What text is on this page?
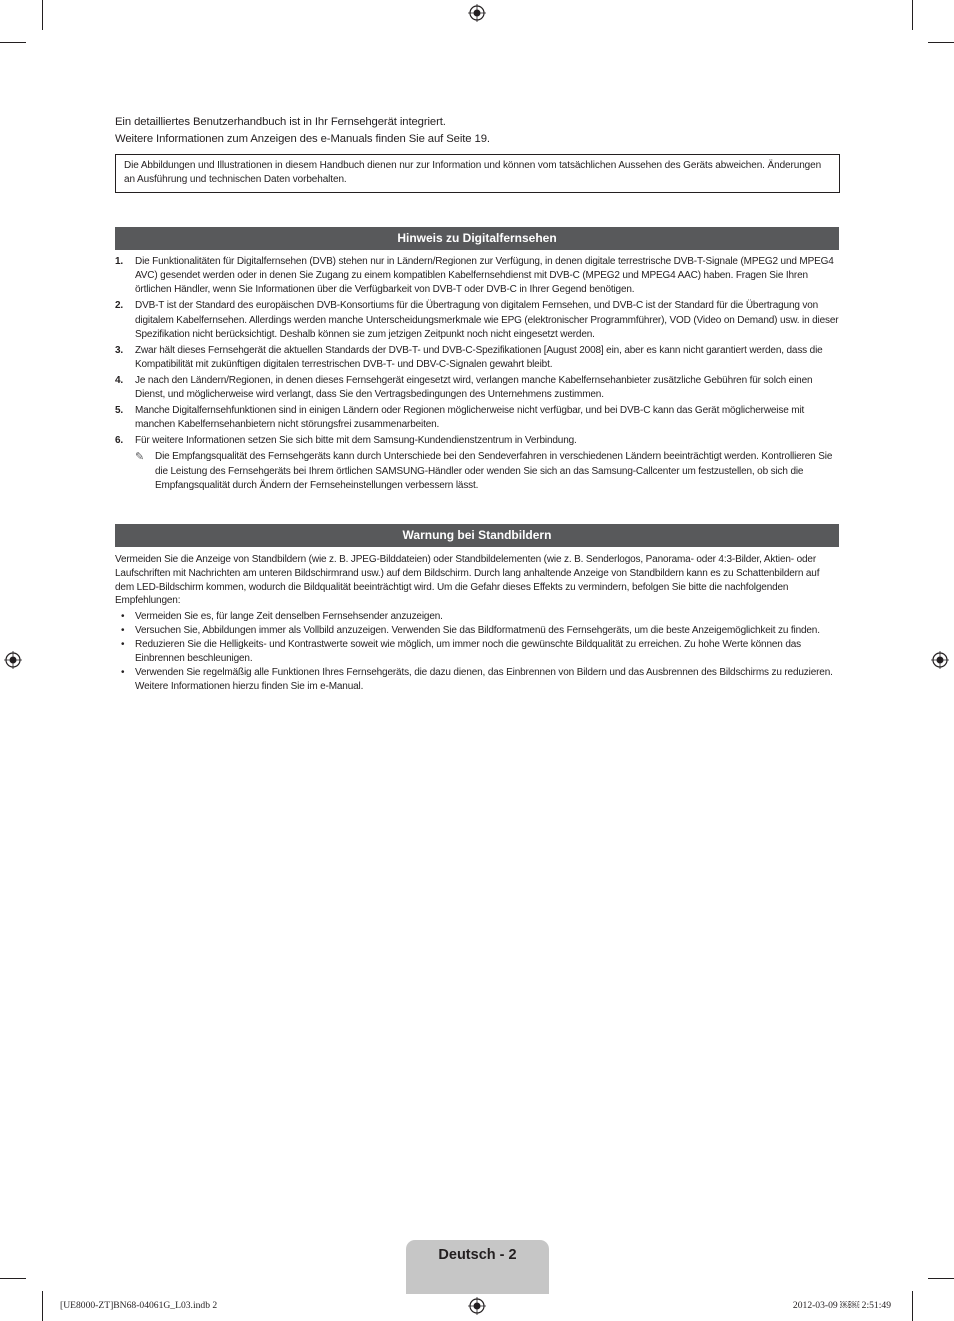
Ein detailliertes Benutzerhandbuch ist in Ihr Fernsehgerät integriert.
Weitere Informationen zum Anzeigen des e-Manuals finden Sie auf Seite 19.
Die Abbildungen und Illustrationen in diesem Handbuch dienen nur zur Information und können vom tatsächlichen Aussehen des Geräts abweichen. Änderungen an Ausführung und technischen Daten vorbehalten.
Hinweis zu Digitalfernsehen
1.	Die Funktionalitäten für Digitalfernsehen (DVB) stehen nur in Ländern/Regionen zur Verfügung, in denen digitale terrestrische DVB-T-Signale (MPEG2 und MPEG4 AVC) gesendet werden oder in denen Sie Zugang zu einem kompatiblen Kabelfernsehdienst mit DVB-C (MPEG2 und MPEG4 AAC) haben. Fragen Sie Ihren örtlichen Händler, wenn Sie Informationen über die Verfügbarkeit von DVB-T oder DVB-C in Ihrer Gegend benötigen.
2.	DVB-T ist der Standard des europäischen DVB-Konsortiums für die Übertragung von digitalem Fernsehen, und DVB-C ist der Standard für die Übertragung von digitalem Kabelfernsehen. Allerdings werden manche Unterscheidungsmerkmale wie EPG (elektronischer Programmführer), VOD (Video on Demand) usw. in dieser Spezifikation nicht berücksichtigt. Deshalb können sie zum jetzigen Zeitpunkt noch nicht eingesetzt werden.
3.	Zwar hält dieses Fernsehgerät die aktuellen Standards der DVB-T- und DVB-C-Spezifikationen [August 2008] ein, aber es kann nicht garantiert werden, dass die Kompatibilität mit zukünftigen digitalen terrestrischen DVB-T- und DBV-C-Signalen gewahrt bleibt.
4.	Je nach den Ländern/Regionen, in denen dieses Fernsehgerät eingesetzt wird, verlangen manche Kabelfernsehanbieter zusätzliche Gebühren für solch einen Dienst, und möglicherweise wird verlangt, dass Sie den Vertragsbedingungen des Unternehmens zustimmen.
5.	Manche Digitalfernsehfunktionen sind in einigen Ländern oder Regionen möglicherweise nicht verfügbar, und bei DVB-C kann das Gerät möglicherweise mit manchen Kabelfernsehanbietern nicht störungsfrei zusammenarbeiten.
6.	Für weitere Informationen setzen Sie sich bitte mit dem Samsung-Kundendienstzentrum in Verbindung.
✎	Die Empfangsqualität des Fernsehgeräts kann durch Unterschiede bei den Sendeverfahren in verschiedenen Ländern beeinträchtigt werden. Kontrollieren Sie die Leistung des Fernsehgeräts bei Ihrem örtlichen SAMSUNG-Händler oder wenden Sie sich an das Samsung-Callcenter um festzustellen, ob sich die Empfangsqualität durch Ändern der Fernseheinstellungen verbessern lässt.
Warnung bei Standbildern

Vermeiden Sie die Anzeige von Standbildern (wie z. B. JPEG-Bilddateien) oder Standbildelementen (wie z. B. Senderlogos, Panorama- oder 4:3-Bilder, Aktien- oder Laufschriften mit Nachrichten am unteren Bildschirmrand usw.) auf dem Bildschirm. Durch lang anhaltende Anzeige von Standbildern kann es zu Schattenbildern auf dem LED-Bildschirm kommen, wodurch die Bildqualität beeinträchtigt wird. Um die Gefahr dieses Effekts zu vermindern, befolgen Sie bitte die nachfolgenden Empfehlungen:

•	Vermeiden Sie es, für lange Zeit denselben Fernsehsender anzuzeigen.
•	Versuchen Sie, Abbildungen immer als Vollbild anzuzeigen. Verwenden Sie das Bildformatmenü des Fernsehgeräts, um die beste Anzeigemöglichkeit zu finden.
•	Reduzieren Sie die Helligkeits- und Kontrastwerte soweit wie möglich, um immer noch die gewünschte Bildqualität zu erreichen. Zu hohe Werte können das Einbrennen beschleunigen.
•	Verwenden Sie regelmäßig alle Funktionen Ihres Fernsehgeräts, die dazu dienen, das Einbrennen von Bildern und das Ausbrennen des Bildschirms zu reduzieren. Weitere Informationen hierzu finden Sie im e-Manual.
Deutsch - 2
[UE8000-ZT]BN68-04061G_L03.indb 2	2012-03-09 ￼￼ 2:51:49
